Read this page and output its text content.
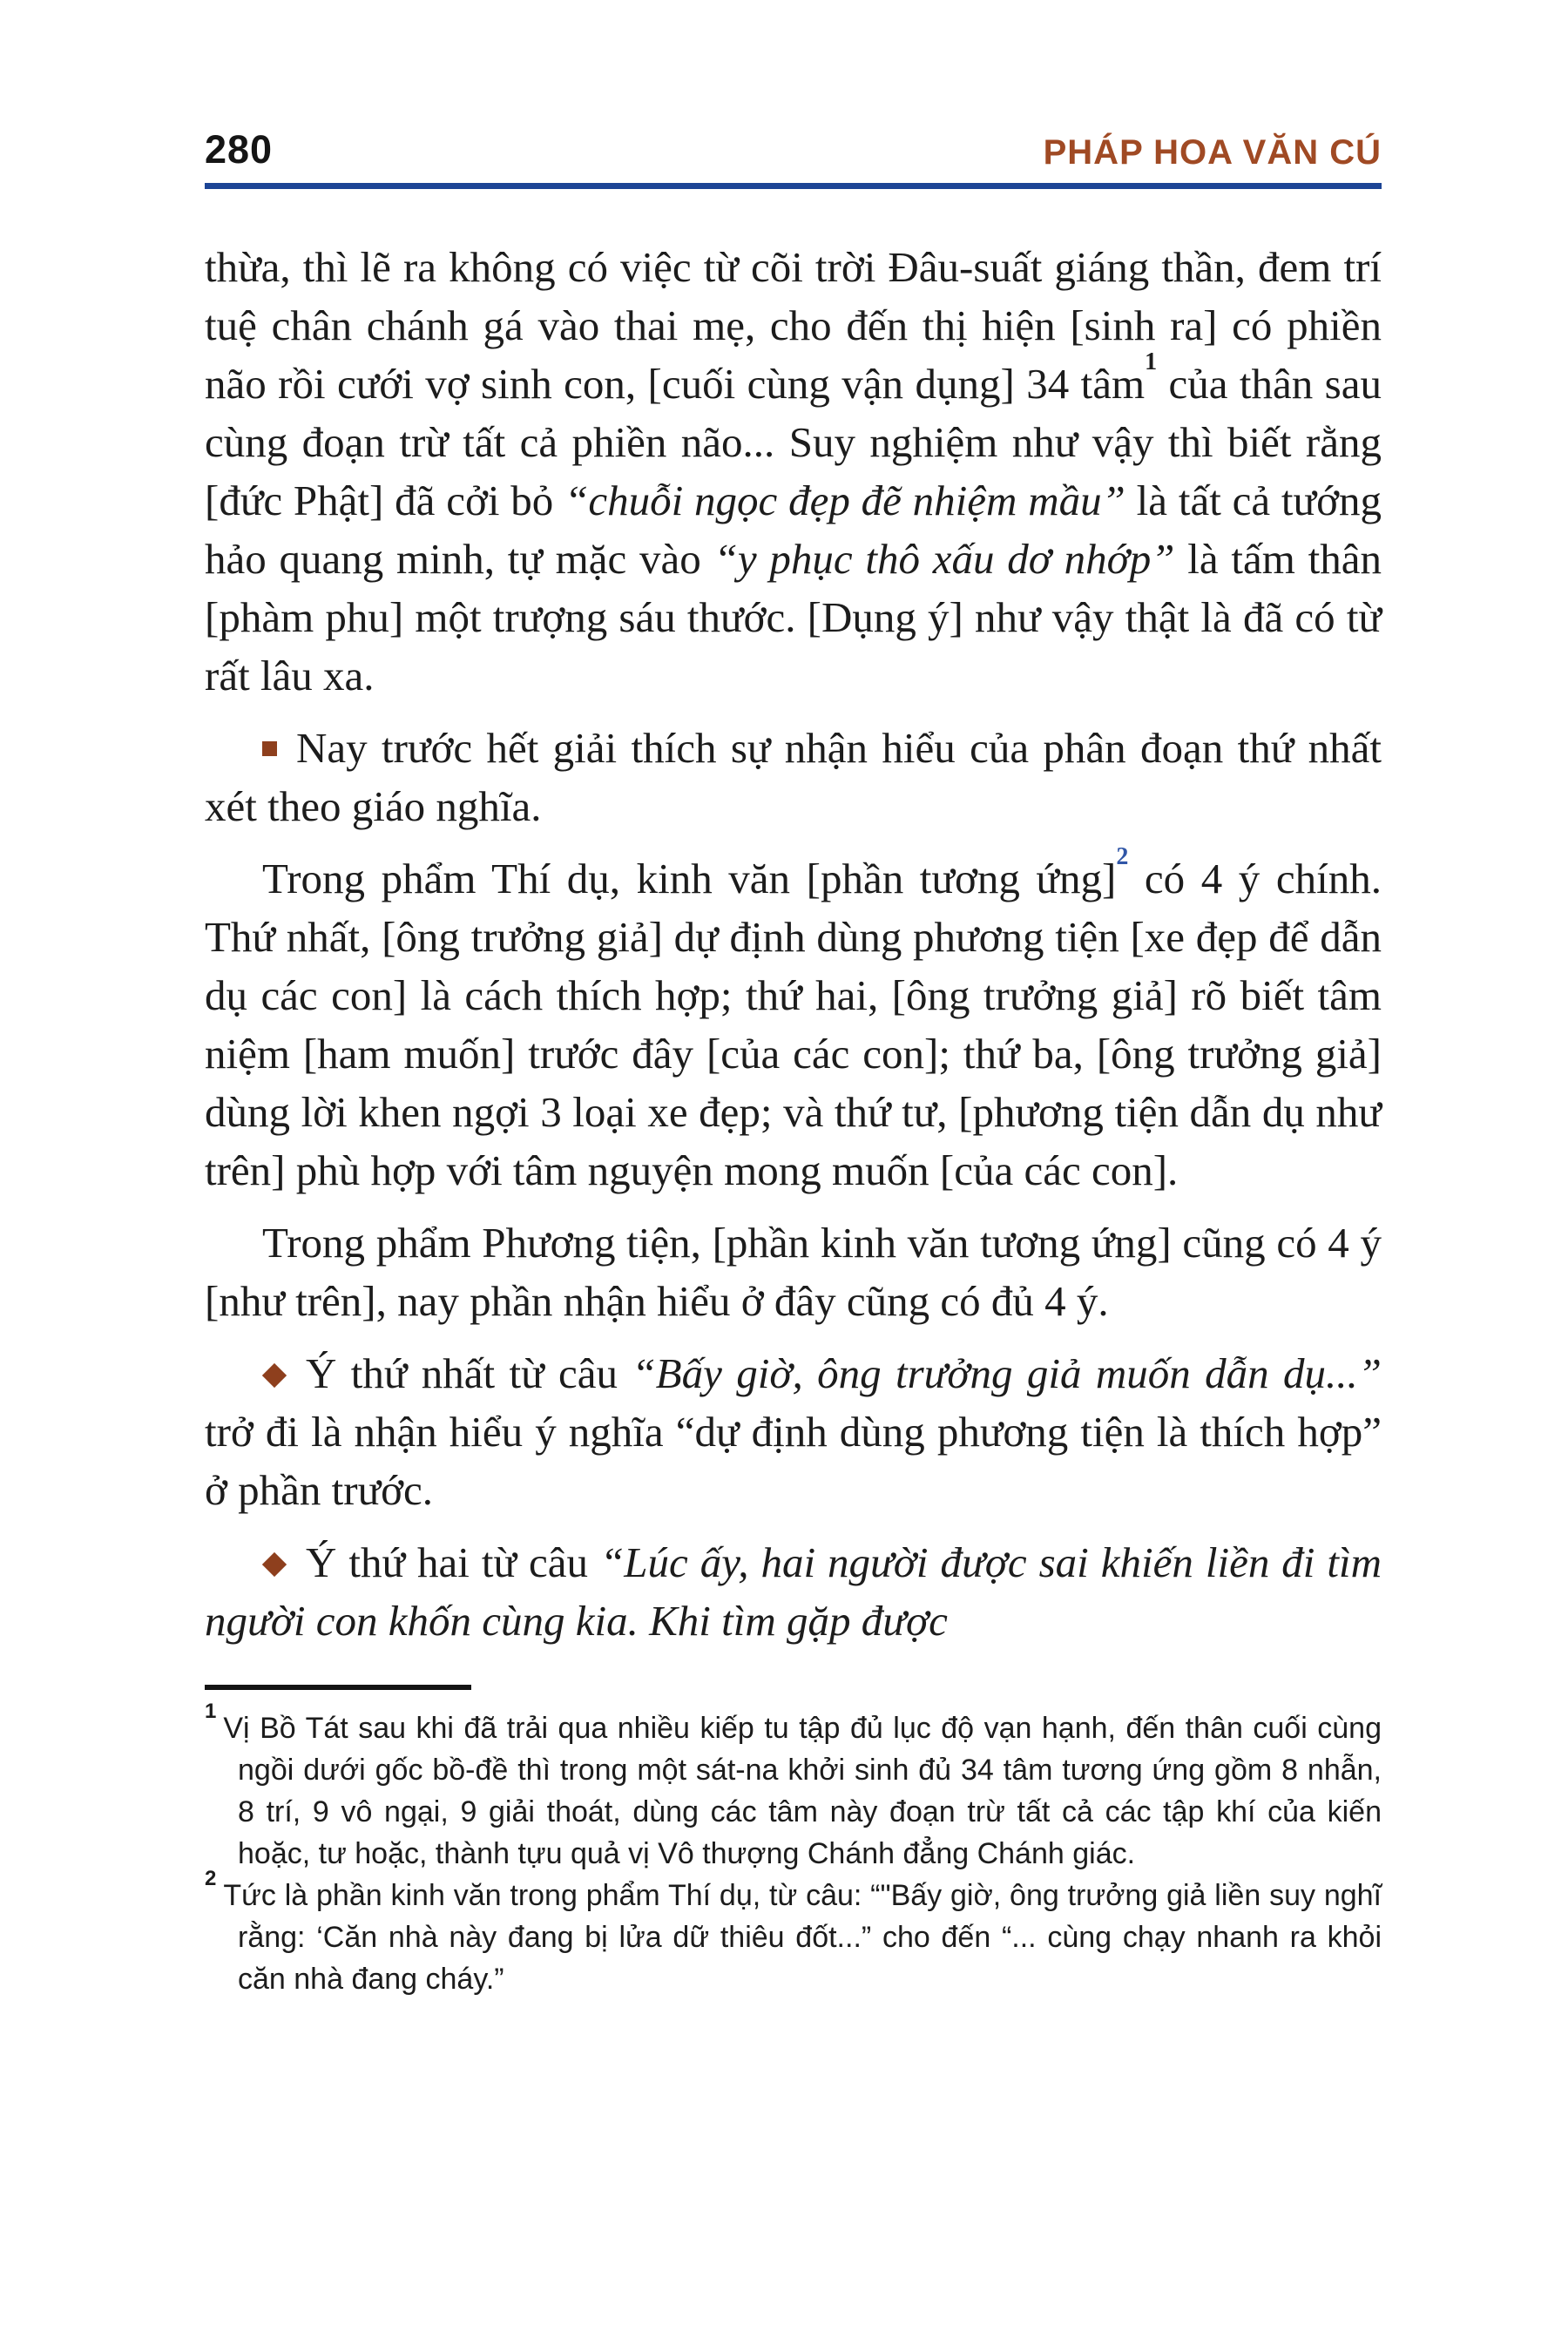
280	PHÁP HOA VĂN CÚ

thừa, thì lẽ ra không có việc từ cõi trời Đâu-suất giáng thần, đem trí tuệ chân chánh gá vào thai mẹ, cho đến thị hiện [sinh ra] có phiền não rồi cưới vợ sinh con, [cuối cùng vận dụng] 34 tâm$^1$ của thân sau cùng đoạn trừ tất cả phiền não... Suy nghiệm như vậy thì biết rằng [đức Phật] đã cởi bỏ “chuỗi ngọc đẹp đẽ nhiệm mầu” là tất cả tướng hảo quang minh, tự mặc vào “y phục thô xấu dơ nhớp” là tấm thân [phàm phu] một trượng sáu thước. [Dụng ý] như vậy thật là đã có từ rất lâu xa.

Nay trước hết giải thích sự nhận hiểu của phân đoạn thứ nhất xét theo giáo nghĩa.

Trong phẩm Thí dụ, kinh văn [phần tương ứng]$^2$ có 4 ý chính. Thứ nhất, [ông trưởng giả] dự định dùng phương tiện [xe đẹp để dẫn dụ các con] là cách thích hợp; thứ hai, [ông trưởng giả] rõ biết tâm niệm [ham muốn] trước đây [của các con]; thứ ba, [ông trưởng giả] dùng lời khen ngợi 3 loại xe đẹp; và thứ tư, [phương tiện dẫn dụ như trên] phù hợp với tâm nguyện mong muốn [của các con].

Trong phẩm Phương tiện, [phần kinh văn tương ứng] cũng có 4 ý [như trên], nay phần nhận hiểu ở đây cũng có đủ 4 ý.

Ý thứ nhất từ câu “Bấy giờ, ông trưởng giả muốn dẫn dụ...” trở đi là nhận hiểu ý nghĩa “dự định dùng phương tiện là thích hợp” ở phần trước.

Ý thứ hai từ câu “Lúc ấy, hai người được sai khiến liền đi tìm người con khốn cùng kia. Khi tìm gặp được

$^1$Vị Bồ Tát sau khi đã trải qua nhiều kiếp tu tập đủ lục độ vạn hạnh, đến thân cuối cùng ngồi dưới gốc bồ-đề thì trong một sát-na khởi sinh đủ 34 tâm tương ứng gồm 8 nhẫn, 8 trí, 9 vô ngại, 9 giải thoát, dùng các tâm này đoạn trừ tất cả các tập khí của kiến hoặc, tư hoặc, thành tựu quả vị Vô thượng Chánh đẳng Chánh giác.

$^2$Tức là phần kinh văn trong phẩm Thí dụ, từ câu: “"Bấy giờ, ông trưởng giả liền suy nghĩ rằng: ‘Căn nhà này đang bị lửa dữ thiêu đốt...” cho đến “... cùng chạy nhanh ra khỏi căn nhà đang cháy.”
